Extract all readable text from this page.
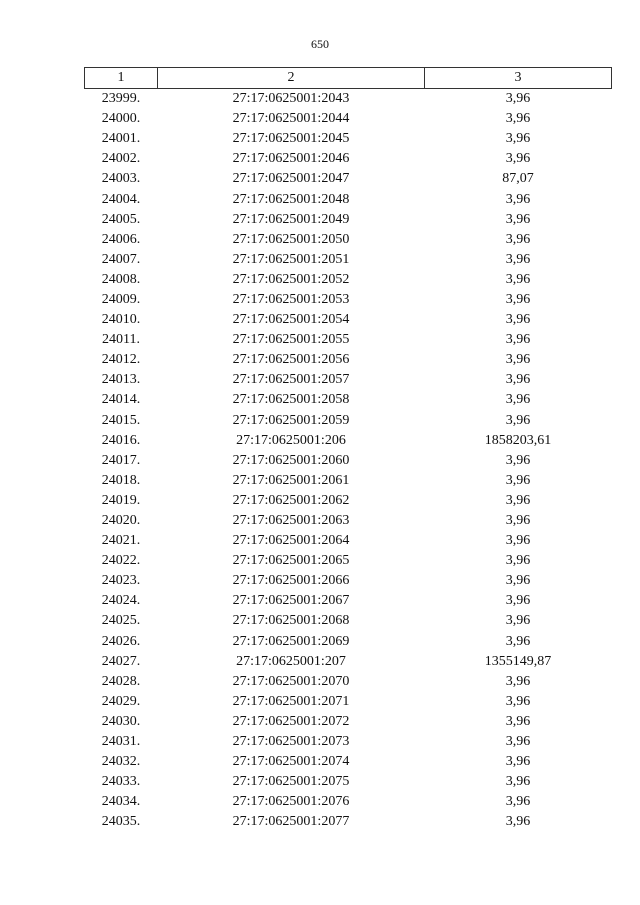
650
1	2	3
23999.	27:17:0625001:2043	3,96
24000.	27:17:0625001:2044	3,96
24001.	27:17:0625001:2045	3,96
24002.	27:17:0625001:2046	3,96
24003.	27:17:0625001:2047	87,07
24004.	27:17:0625001:2048	3,96
24005.	27:17:0625001:2049	3,96
24006.	27:17:0625001:2050	3,96
24007.	27:17:0625001:2051	3,96
24008.	27:17:0625001:2052	3,96
24009.	27:17:0625001:2053	3,96
24010.	27:17:0625001:2054	3,96
24011.	27:17:0625001:2055	3,96
24012.	27:17:0625001:2056	3,96
24013.	27:17:0625001:2057	3,96
24014.	27:17:0625001:2058	3,96
24015.	27:17:0625001:2059	3,96
24016.	27:17:0625001:206	1858203,61
24017.	27:17:0625001:2060	3,96
24018.	27:17:0625001:2061	3,96
24019.	27:17:0625001:2062	3,96
24020.	27:17:0625001:2063	3,96
24021.	27:17:0625001:2064	3,96
24022.	27:17:0625001:2065	3,96
24023.	27:17:0625001:2066	3,96
24024.	27:17:0625001:2067	3,96
24025.	27:17:0625001:2068	3,96
24026.	27:17:0625001:2069	3,96
24027.	27:17:0625001:207	1355149,87
24028.	27:17:0625001:2070	3,96
24029.	27:17:0625001:2071	3,96
24030.	27:17:0625001:2072	3,96
24031.	27:17:0625001:2073	3,96
24032.	27:17:0625001:2074	3,96
24033.	27:17:0625001:2075	3,96
24034.	27:17:0625001:2076	3,96
24035.	27:17:0625001:2077	3,96
